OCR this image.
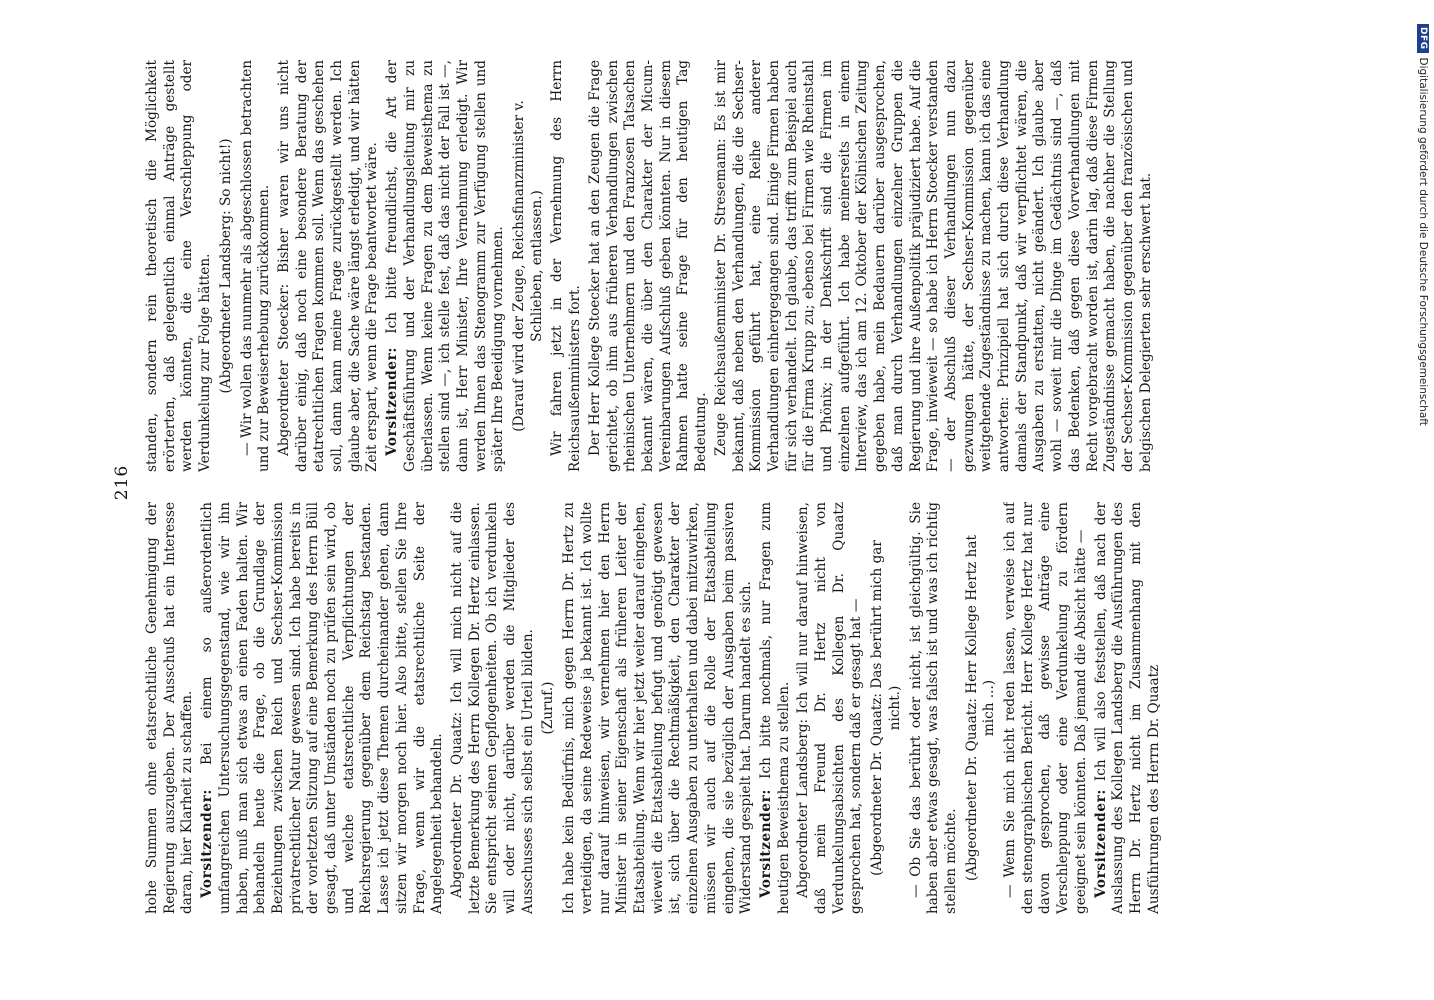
216

hohe Summen ohne etatsrechtliche Genehmigung der Regierung auszugeben. Der Ausschuß hat ein Interesse daran, hier Klarheit zu schaffen. Vorsitzender: Bei einem so außerordentlich umfangreichen Untersuchungsgegenstand, wie wir ihn haben, muß man sich etwas an einen Faden halten. Wir behandeln heute die Frage, ob die Grundlage der Beziehungen zwischen Reich und Sechser-Kommission privatrechtlicher Natur gewesen sind. Ich habe bereits in der vorletzten Sitzung auf eine Bemerkung des Herrn Büll gesagt, daß unter Umständen noch zu prüfen sein wird, ob und welche etatsrechtliche Verpflichtungen der Reichsregierung gegenüber dem Reichstag bestanden. Lasse ich jetzt diese Themen durcheinander gehen, dann sitzen wir morgen noch hier. Also bitte, stellen Sie Ihre Frage, wenn wir die etatsrechtliche Seite der Angelegenheit behandeln. Abgeordneter Dr. Quaatz: Ich will mich nicht auf die letzte Bemerkung des Herrn Kollegen Dr. Hertz einlassen. Sie entspricht seinen Gepflogenheiten. Ob ich verdunkeln will oder nicht, darüber werden die Mitglieder des Ausschusses sich selbst ein Urteil bilden. (Zuruf.) Ich habe kein Bedürfnis, mich gegen Herrn Dr. Hertz zu verteidigen, da seine Redeweise ja bekannt ist. Ich wollte nur darauf hinweisen, wir vernehmen hier den Herrn Minister in seiner Eigenschaft als früheren Leiter der Etatsabteilung. Wenn wir hier jetzt weiter darauf eingehen, wieweit die Etatsabteilung befugt und genötigt gewesen ist, sich über die Rechtmäßigkeit, den Charakter der einzelnen Ausgaben zu unterhalten und dabei mitzuwirken, müssen wir auch auf die Rolle der Etatsabteilung eingehen, die sie bezüglich der Ausgaben beim passiven Widerstand gespielt hat. Darum handelt es sich. Vorsitzender: Ich bitte nochmals, nur Fragen zum heutigen Beweisthema zu stellen. Abgeordneter Landsberg: Ich will nur darauf hinweisen, daß mein Freund Dr. Hertz nicht von Verdunkelungsabsichten des Kollegen Dr. Quaatz gesprochen hat, sondern daß er gesagt hat — (Abgeordneter Dr. Quaatz: Das berührt mich gar nicht.) — Ob Sie das berührt oder nicht, ist gleichgültig. Sie haben aber etwas gesagt, was falsch ist und was ich richtig stellen möchte. (Abgeordneter Dr. Quaatz: Herr Kollege Hertz hat mich ...) — Wenn Sie mich nicht reden lassen, verweise ich auf den stenographischen Bericht. Herr Kollege Hertz hat nur davon gesprochen, daß gewisse Anträge eine Verschleppung oder eine Verdunkelung zu fördern geeignet sein könnten. Daß jemand die Absicht hätte — Vorsitzender: Ich will also feststellen, daß nach der Auslassung des Kollegen Landsberg die Ausführungen des Herrn Dr. Hertz nicht im Zusammenhang mit den Ausführungen des Herrn Dr. Quaatz

standen, sondern rein theoretisch die Möglichkeit erörterten, daß gelegentlich einmal Anträge gestellt werden könnten, die eine Verschleppung oder Verdunkelung zur Folge hätten. (Abgeordneter Landsberg: So nicht!) — Wir wollen das nunmehr als abgeschlossen betrachten und zur Beweiserhebung zurückkommen. Abgeordneter Stoecker: Bisher waren wir uns nicht darüber einig, daß noch eine besondere Beratung der etatrechtlichen Fragen kommen soll. Wenn das geschehen soll, dann kann meine Frage zurückgestellt werden. Ich glaube aber, die Sache wäre längst erledigt, und wir hätten Zeit erspart, wenn die Frage beantwortet wäre. Vorsitzender: Ich bitte freundlichst, die Art der Geschäftsführung und der Verhandlungsleitung mir zu überlassen. Wenn keine Fragen zu dem Beweisthema zu stellen sind —, ich stelle fest, daß das nicht der Fall ist —, dann ist, Herr Minister, Ihre Vernehmung erledigt. Wir werden Ihnen das Stenogramm zur Verfügung stellen und später Ihre Beeidigung vornehmen. (Darauf wird der Zeuge, Reichsfinanzminister v. Schlieben, entlassen.) Wir fahren jetzt in der Vernehmung des Herrn Reichsaußenministers fort. Der Herr Kollege Stoecker hat an den Zeugen die Frage gerichtet, ob ihm aus früheren Verhandlungen zwischen rheinischen Unternehmern und den Franzosen Tatsachen bekannt wären, die über den Charakter der Micum-Vereinbarungen Aufschluß geben könnten. Nur in diesem Rahmen hatte seine Frage für den heutigen Tag Bedeutung. Zeuge Reichsaußenminister Dr. Stresemann: Es ist mir bekannt, daß neben den Verhandlungen, die die Sechser-Kommission geführt hat, eine Reihe anderer Verhandlungen einhergegangen sind. Einige Firmen haben für sich verhandelt. Ich glaube, das trifft zum Beispiel auch für die Firma Krupp zu; ebenso bei Firmen wie Rheinstahl und Phönix; in der Denkschrift sind die Firmen im einzelnen aufgeführt. Ich habe meinerseits in einem Interview, das ich am 12. Oktober der Kölnischen Zeitung gegeben habe, mein Bedauern darüber ausgesprochen, daß man durch Verhandlungen einzelner Gruppen die Regierung und ihre Außenpolitik präjudiziert habe. Auf die Frage, inwieweit — so habe ich Herrn Stoecker verstanden — der Abschluß dieser Verhandlungen nun dazu gezwungen hätte, der Sechser-Kommission gegenüber weitgehende Zugeständnisse zu machen, kann ich das eine antworten: Prinzipiell hat sich durch diese Verhandlung damals der Standpunkt, daß wir verpflichtet wären, die Ausgaben zu erstatten, nicht geändert. Ich glaube aber wohl — soweit mir die Dinge im Gedächtnis sind —, daß das Bedenken, daß gegen diese Vorverhandlungen mit Recht vorgebracht worden ist, darin lag, daß diese Firmen Zugeständnisse gemacht haben, die nachher die Stellung der Sechser-Kommission gegenüber den französischen und belgischen Delegierten sehr erschwert hat.

DFG
Digitalisierung gefördert durch die Deutsche Forschungsgemeinschaft
